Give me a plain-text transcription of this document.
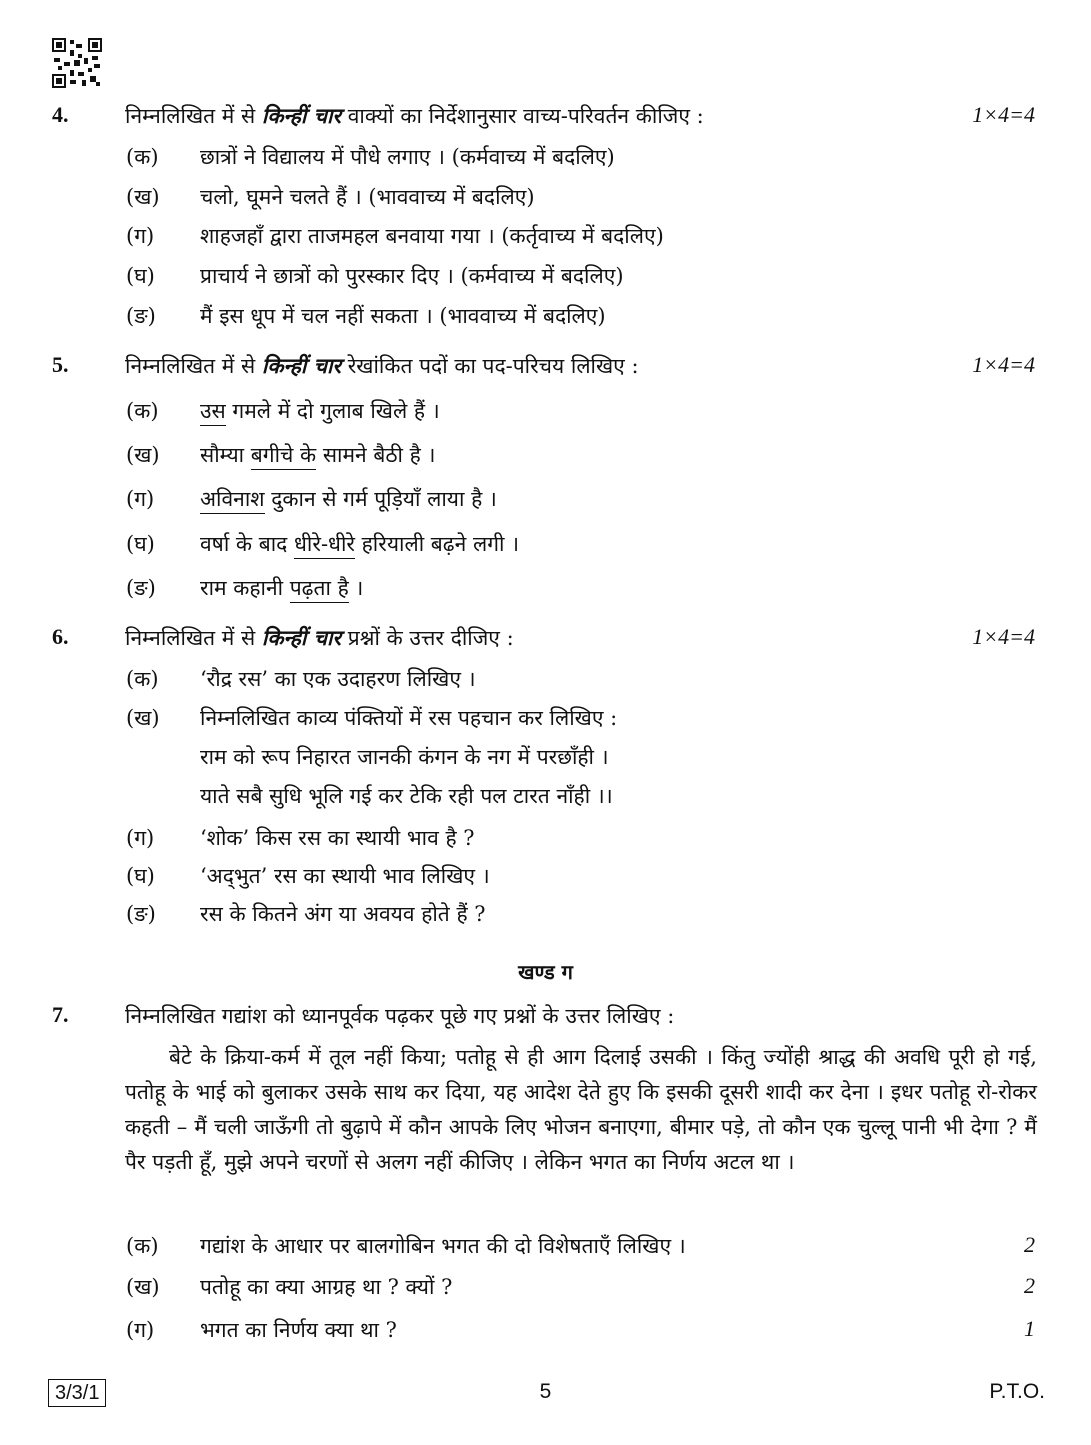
4.	निम्नलिखित में से किन्हीं चार वाक्यों का निर्देशानुसार वाच्य-परिवर्तन कीजिए :	1×4=4
(क) छात्रों ने विद्यालय में पौधे लगाए । (कर्मवाच्य में बदलिए)
(ख) चलो, घूमने चलते हैं । (भाववाच्य में बदलिए)
(ग) शाहजहाँ द्वारा ताजमहल बनवाया गया । (कर्तृवाच्य में बदलिए)
(घ) प्राचार्य ने छात्रों को पुरस्कार दिए । (कर्मवाच्य में बदलिए)
(ङ) मैं इस धूप में चल नहीं सकता । (भाववाच्य में बदलिए)
5.	निम्नलिखित में से किन्हीं चार रेखांकित पदों का पद-परिचय लिखिए :	1×4=4
(क) उस गमले में दो गुलाब खिले हैं ।
(ख) सौम्या बगीचे के सामने बैठी है ।
(ग) अविनाश दुकान से गर्म पूड़ियाँ लाया है ।
(घ) वर्षा के बाद धीरे-धीरे हरियाली बढ़ने लगी ।
(ङ) राम कहानी पढ़ता है ।
6.	निम्नलिखित में से किन्हीं चार प्रश्नों के उत्तर दीजिए :	1×4=4
(क) ‘रौद्र रस’ का एक उदाहरण लिखिए ।
(ख) निम्नलिखित काव्य पंक्तियों में रस पहचान कर लिखिए :
राम को रूप निहारत जानकी कंगन के नग में परछाँही ।
याते सबै सुधि भूलि गई कर टेकि रही पल टारत नाँही ।।
(ग) ‘शोक’ किस रस का स्थायी भाव है ?
(घ) ‘अद्‌भुत’ रस का स्थायी भाव लिखिए ।
(ङ) रस के कितने अंग या अवयव होते हैं ?
खण्ड ग
7.	निम्नलिखित गद्यांश को ध्यानपूर्वक पढ़कर पूछे गए प्रश्नों के उत्तर लिखिए :
बेटे के क्रिया-कर्म में तूल नहीं किया; पतोहू से ही आग दिलाई उसकी । किंतु ज्योंही श्राद्ध की अवधि पूरी हो गई, पतोहू के भाई को बुलाकर उसके साथ कर दिया, यह आदेश देते हुए कि इसकी दूसरी शादी कर देना । इधर पतोहू रो-रोकर कहती – मैं चली जाऊँगी तो बुढ़ापे में कौन आपके लिए भोजन बनाएगा, बीमार पड़े, तो कौन एक चुल्लू पानी भी देगा ? मैं पैर पड़ती हूँ, मुझे अपने चरणों से अलग नहीं कीजिए । लेकिन भगत का निर्णय अटल था ।
(क) गद्यांश के आधार पर बालगोबिन भगत की दो विशेषताएँ लिखिए ।	2
(ख) पतोहू का क्या आग्रह था ? क्यों ?	2
(ग) भगत का निर्णय क्या था ?	1
3/3/1	5	P.T.O.
